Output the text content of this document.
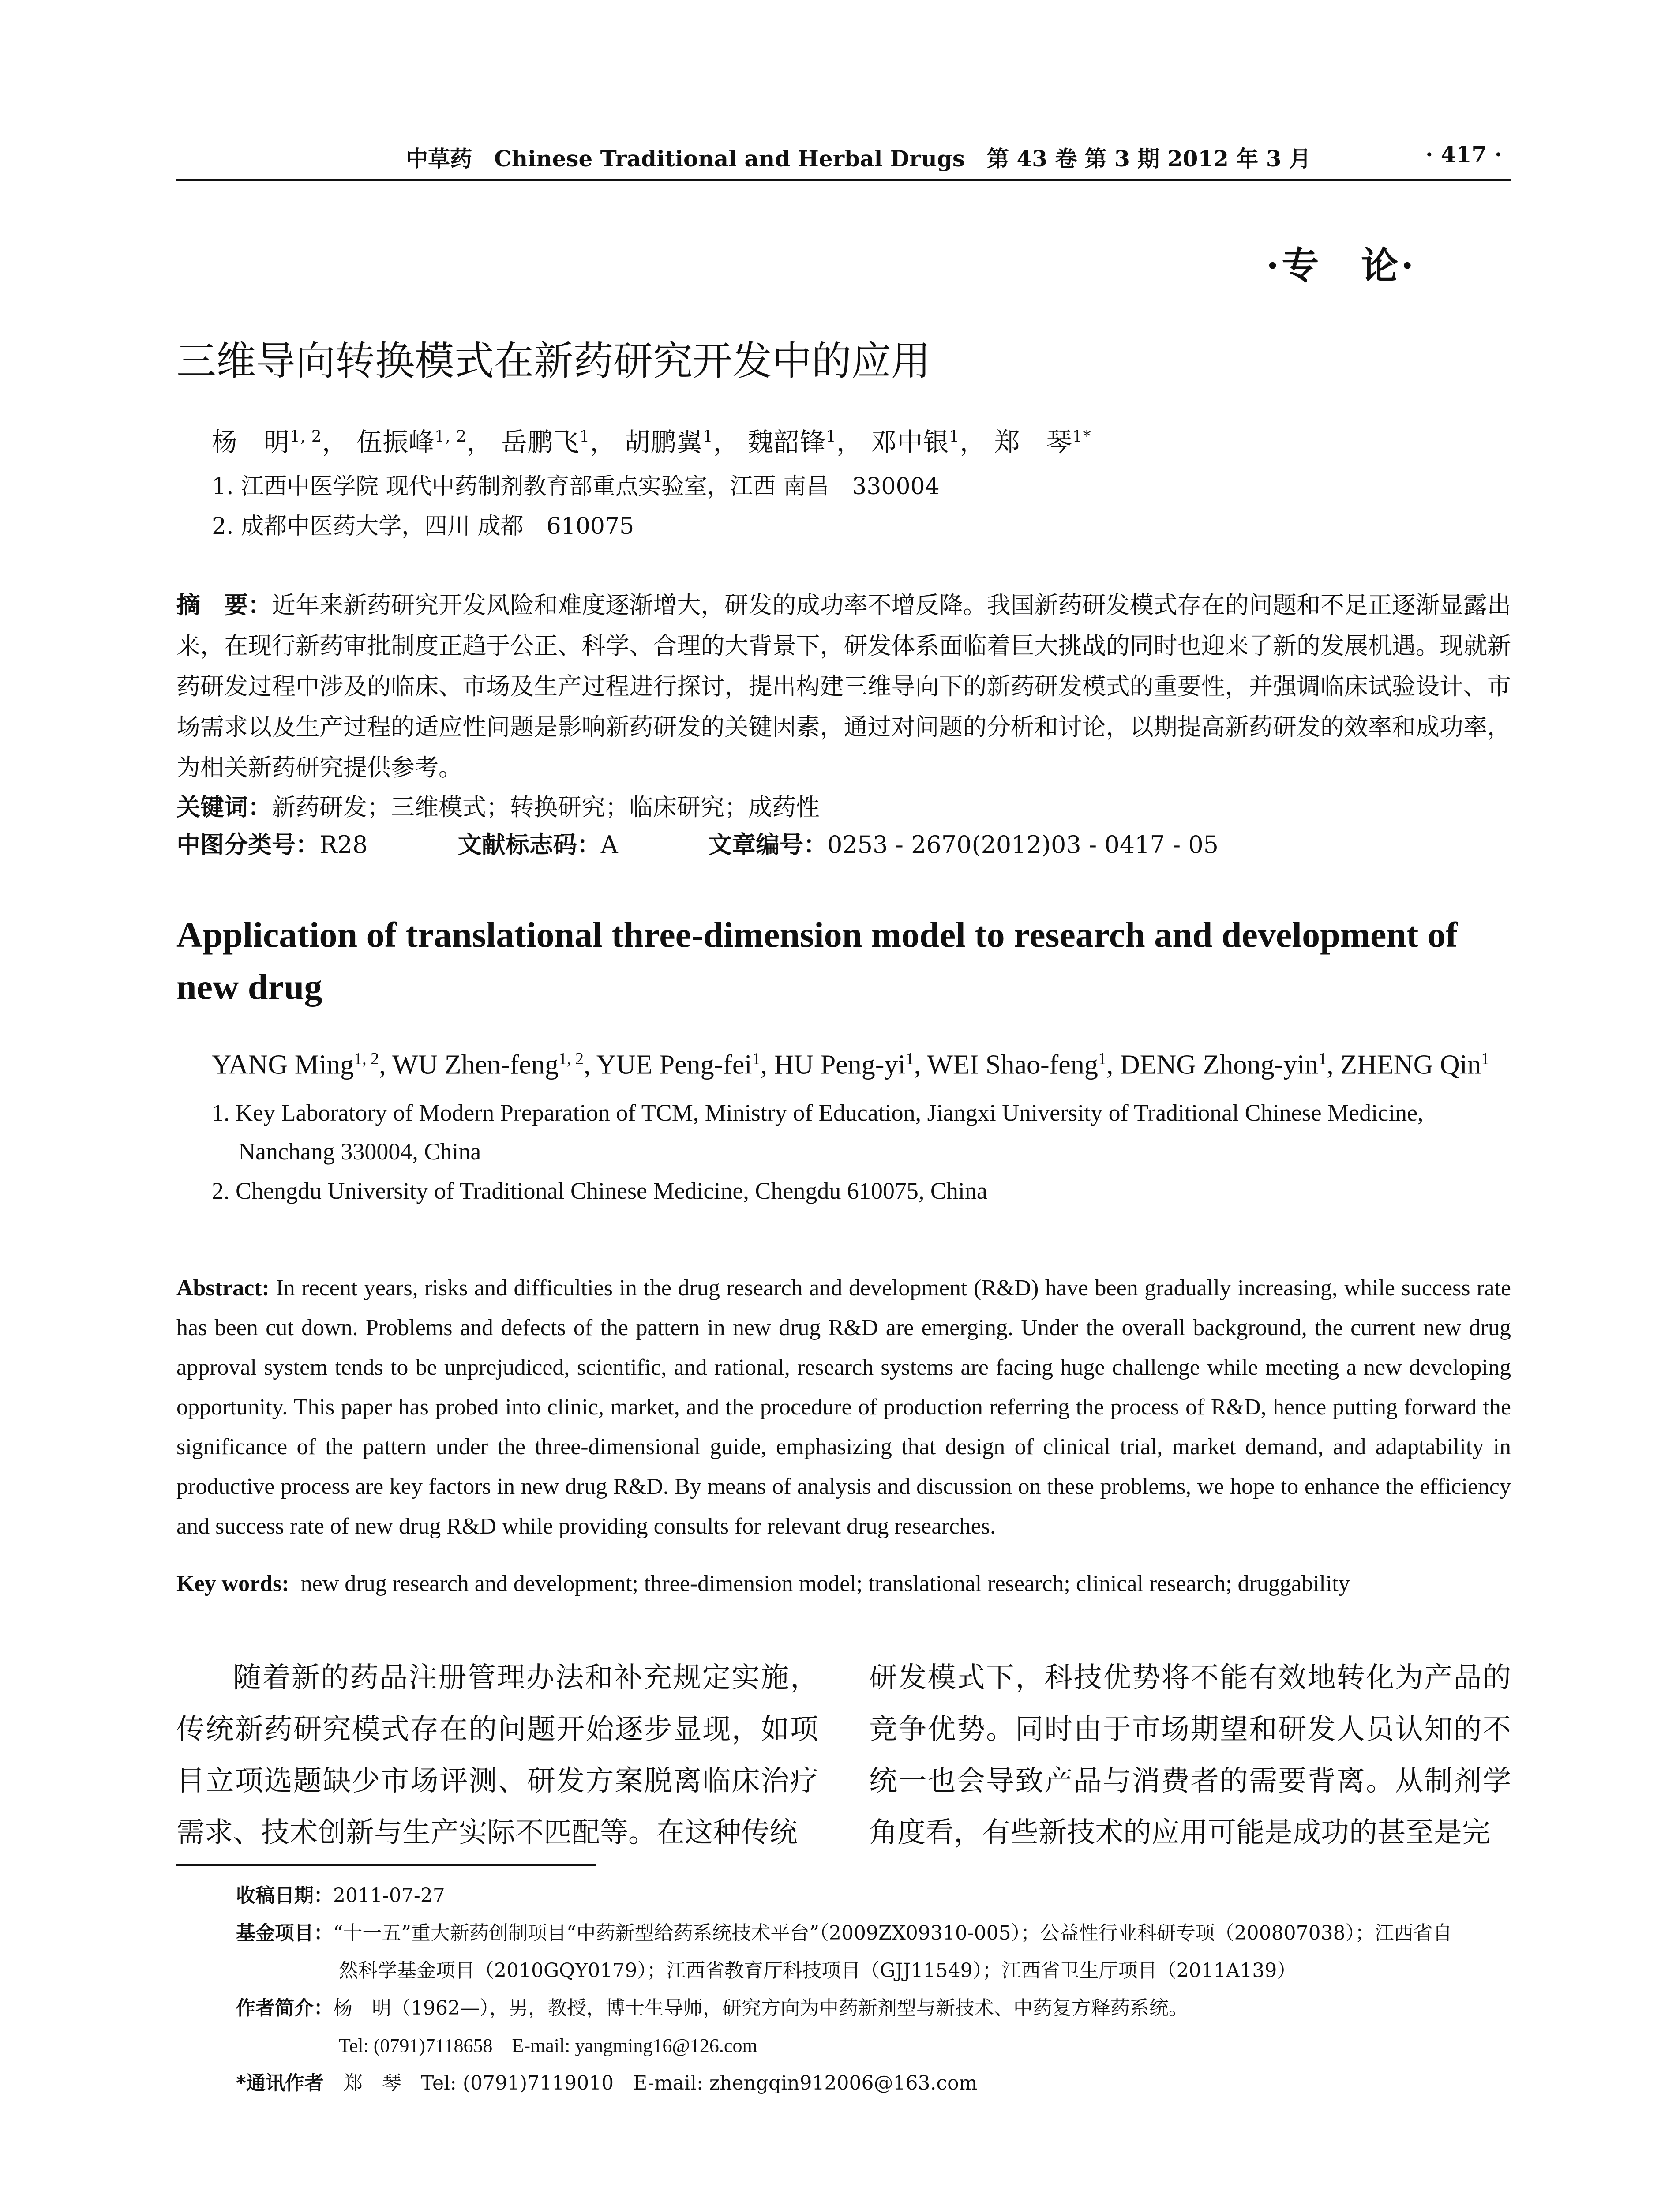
中草药　Chinese Traditional and Herbal Drugs　第 43 卷 第 3 期 2012 年 3 月	· 417 ·
·专　论·
三维导向转换模式在新药研究开发中的应用
杨　明$^{1, 2}$， 伍振峰$^{1, 2}$， 岳鹏飞$^1$， 胡鹏翼$^1$， 魏韶锋$^1$， 邓中银$^1$， 郑　琴$^{1*}$
1. 江西中医学院 现代中药制剂教育部重点实验室，江西 南昌　330004
2. 成都中医药大学，四川 成都　610075
摘　要：近年来新药研究开发风险和难度逐渐增大，研发的成功率不增反降。我国新药研发模式存在的问题和不足正逐渐显露出来，在现行新药审批制度正趋于公正、科学、合理的大背景下，研发体系面临着巨大挑战的同时也迎来了新的发展机遇。现就新药研发过程中涉及的临床、市场及生产过程进行探讨，提出构建三维导向下的新药研发模式的重要性，并强调临床试验设计、市场需求以及生产过程的适应性问题是影响新药研发的关键因素，通过对问题的分析和讨论，以期提高新药研发的效率和成功率，为相关新药研究提供参考。
关键词：新药研发；三维模式；转换研究；临床研究；成药性
中图分类号：R28	文献标志码：A	文章编号：0253 - 2670(2012)03 - 0417 - 05
Application of translational three-dimension model to research and development of new drug
YANG Ming$^{1, 2}$, WU Zhen-feng$^{1, 2}$, YUE Peng-fei$^1$, HU Peng-$yi^1$, WEI Shao-feng$^1$, DENG Zhong-yin$^1$, ZHENG Qin$^1$
1. Key Laboratory of Modern Preparation of TCM, Ministry of Education, Jiangxi University of Traditional Chinese Medicine, Nanchang 330004, China
2. Chengdu University of Traditional Chinese Medicine, Chengdu 610075, China
Abstract: In recent years, risks and difficulties in the drug research and development (R&D) have been gradually increasing, while success rate has been cut down. Problems and defects of the pattern in new drug R&D are emerging. Under the overall background, the current new drug approval system tends to be unprejudiced, scientific, and rational, research systems are facing huge challenge while meeting a new developing opportunity. This paper has probed into clinic, market, and the procedure of production referring the process of R&D, hence putting forward the significance of the pattern under the three-dimensional guide, emphasizing that design of clinical trial, market demand, and adaptability in productive process are key factors in new drug R&D. By means of analysis and discussion on these problems, we hope to enhance the efficiency and success rate of new drug R&D while providing consults for relevant drug researches.
Key words: new drug research and development; three-dimension model; translational research; clinical research; druggability
随着新的药品注册管理办法和补充规定实施，传统新药研究模式存在的问题开始逐步显现，如项目立项选题缺少市场评测、研发方案脱离临床治疗需求、技术创新与生产实际不匹配等。在这种传统
研发模式下，科技优势将不能有效地转化为产品的竞争优势。同时由于市场期望和研发人员认知的不统一也会导致产品与消费者的需要背离。从制剂学角度看，有些新技术的应用可能是成功的甚至是完
收稿日期：2011-07-27
基金项目：“十一五”重大新药创制项目“中药新型给药系统技术平台”（2009ZX09310-005）；公益性行业科研专项（200807038）；江西省自
然科学基金项目（2010GQY0179）；江西省教育厅科技项目（GJJ11549）；江西省卫生厅项目（2011A139）
作者简介：杨　明（1962—），男，教授，博士生导师，研究方向为中药新剂型与新技术、中药复方释药系统。
Tel: (0791)7118658　E-mail: yangming16@126.com
*通讯作者　 郑　琴　Tel: (0791)7119010　E-mail: zhengqin912006@163.com
